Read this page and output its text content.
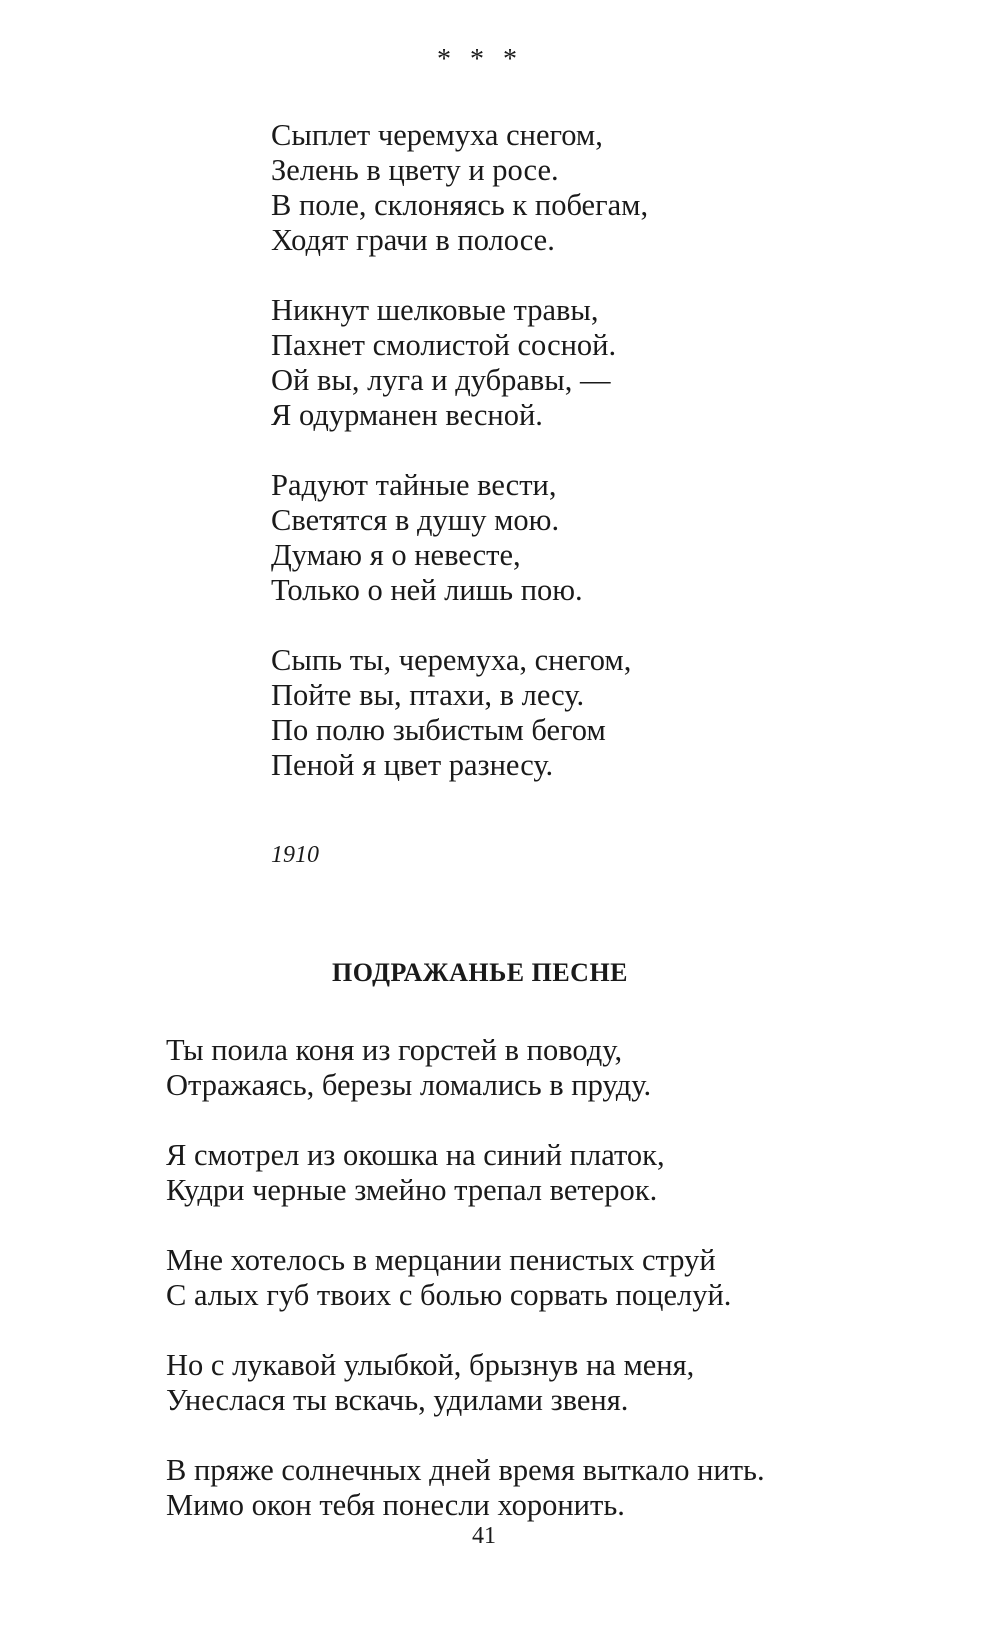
* * *
Сыплет черемуха снегом,
Зелень в цвету и росе.
В поле, склоняясь к побегам,
Ходят грачи в полосе.
Никнут шелковые травы,
Пахнет смолистой сосной.
Ой вы, луга и дубравы, —
Я одурманен весной.
Радуют тайные вести,
Светятся в душу мою.
Думаю я о невесте,
Только о ней лишь пою.
Сыпь ты, черемуха, снегом,
Пойте вы, птахи, в лесу.
По полю зыбистым бегом
Пеной я цвет разнесу.
1910
ПОДРАЖАНЬЕ ПЕСНЕ
Ты поила коня из горстей в поводу,
Отражаясь, березы ломались в пруду.
Я смотрел из окошка на синий платок,
Кудри черные змейно трепал ветерок.
Мне хотелось в мерцании пенистых струй
С алых губ твоих с болью сорвать поцелуй.
Но с лукавой улыбкой, брызнув на меня,
Унеслася ты вскачь, удилами звеня.
В пряже солнечных дней время выткало нить.
Мимо окон тебя понесли хоронить.
41
